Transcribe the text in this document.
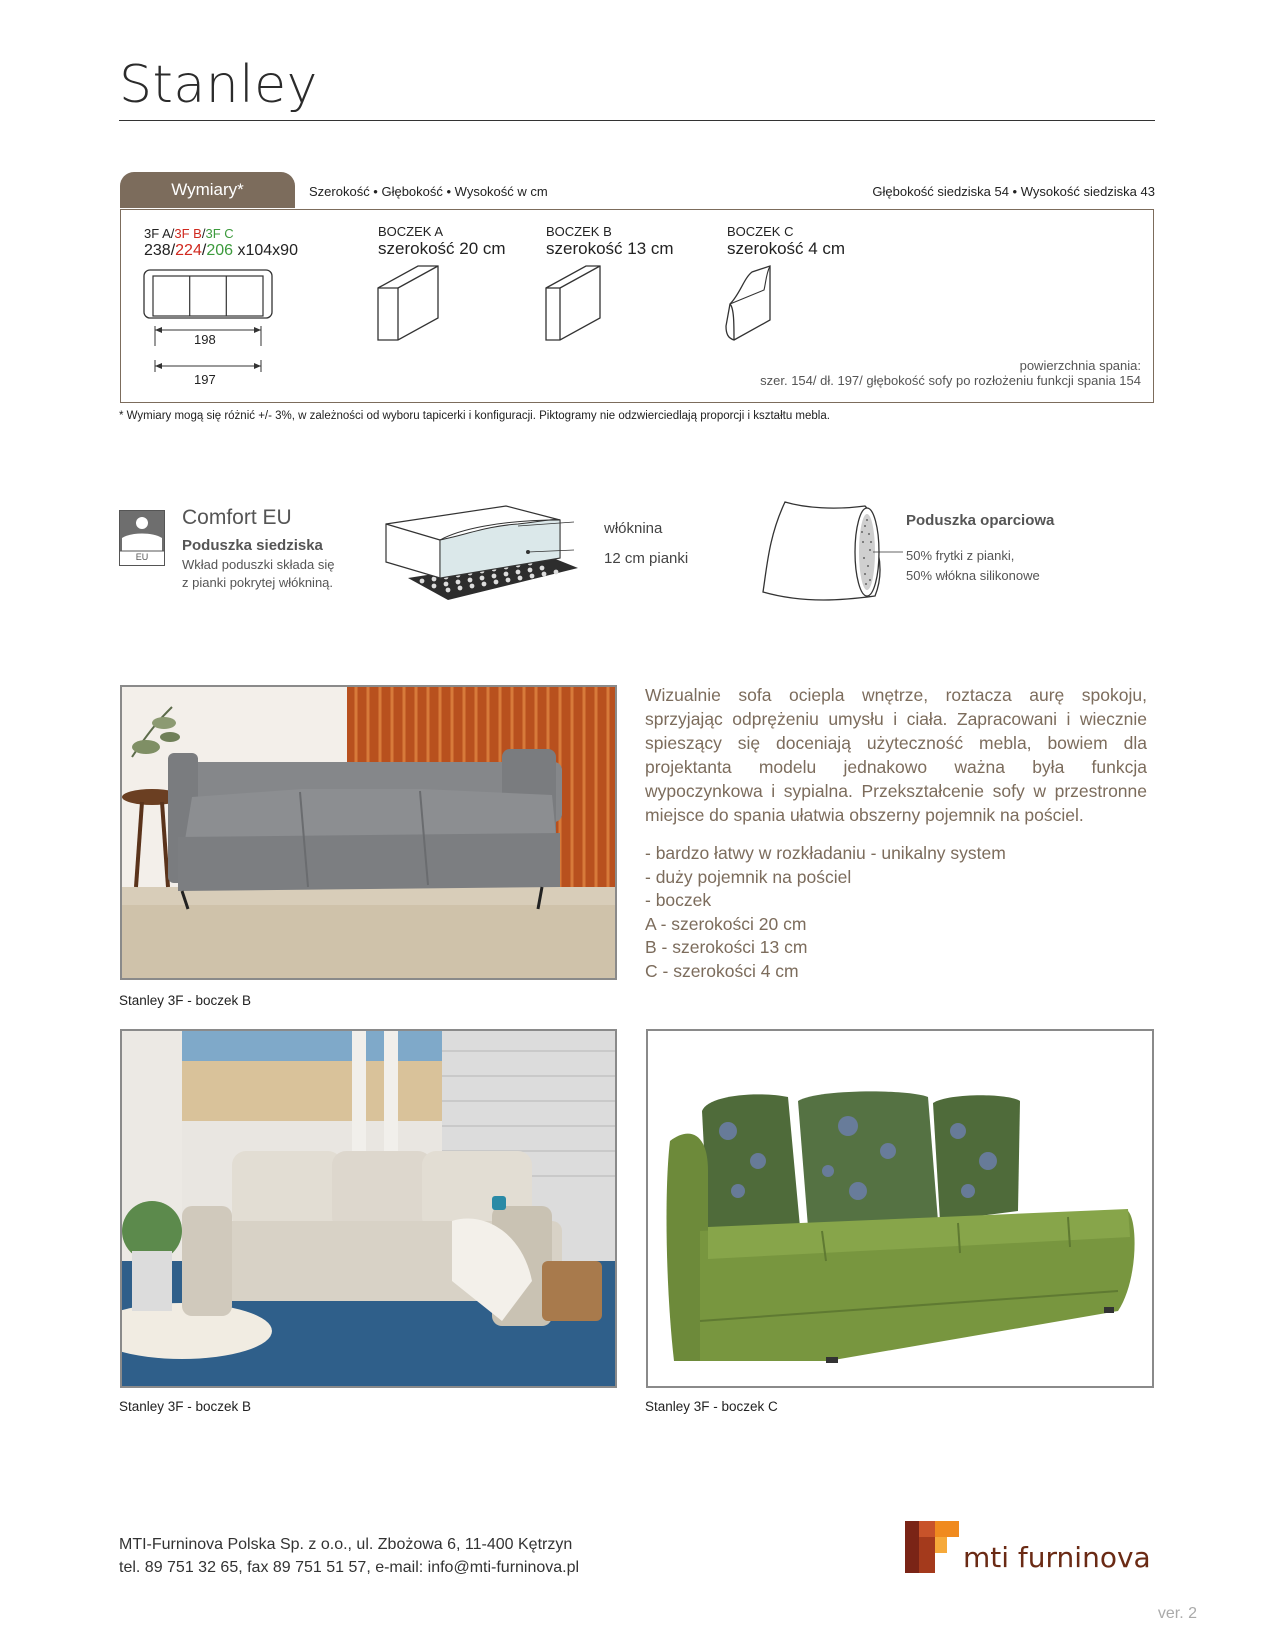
Stanley
Wymiary*	Szerokość • Głębokość • Wysokość w cm	Głębokość siedziska 54 • Wysokość siedziska 43
3F A/3F B/3F C
238/224/206 x104x90
198
197
BOCZEK A
szerokość 20 cm
BOCZEK B
szerokość 13 cm
BOCZEK C
szerokość 4 cm
powierzchnia spania:
szer. 154/ dł. 197/ głębokość sofy po rozłożeniu funkcji spania 154
* Wymiary mogą się różnić +/- 3%, w zależności od wyboru tapicerki i konfiguracji. Piktogramy nie odzwierciedlają proporcji i kształtu mebla.
EU
Comfort EU
Poduszka siedziska
Wkład poduszki składa się
z pianki pokrytej włókniną.
włóknina
12 cm pianki
Poduszka oparciowa
50% frytki z pianki,
50% włókna silikonowe
Stanley 3F - boczek B
Wizualnie sofa ociepla wnętrze, roztacza aurę spokoju, sprzyjając odprężeniu umysłu i ciała. Zapracowani i wiecznie spieszący się doceniają użyteczność mebla, bowiem dla projektanta modelu jednakowo ważna była funkcja wypoczynkowa i sypialna. Przekształcenie sofy w przestronne miejsce do spania ułatwia obszerny pojemnik na pościel.
- bardzo łatwy w rozkładaniu - unikalny system
- duży pojemnik na pościel
- boczek
A - szerokości 20 cm
B - szerokości 13 cm
C - szerokości 4 cm
Stanley 3F - boczek B	Stanley 3F - boczek C
MTI-Furninova Polska Sp. z o.o., ul. Zbożowa 6, 11-400 Kętrzyn
tel. 89 751 32 65, fax 89 751 51 57, e-mail: info@mti-furninova.pl	mti furninova
ver. 2
